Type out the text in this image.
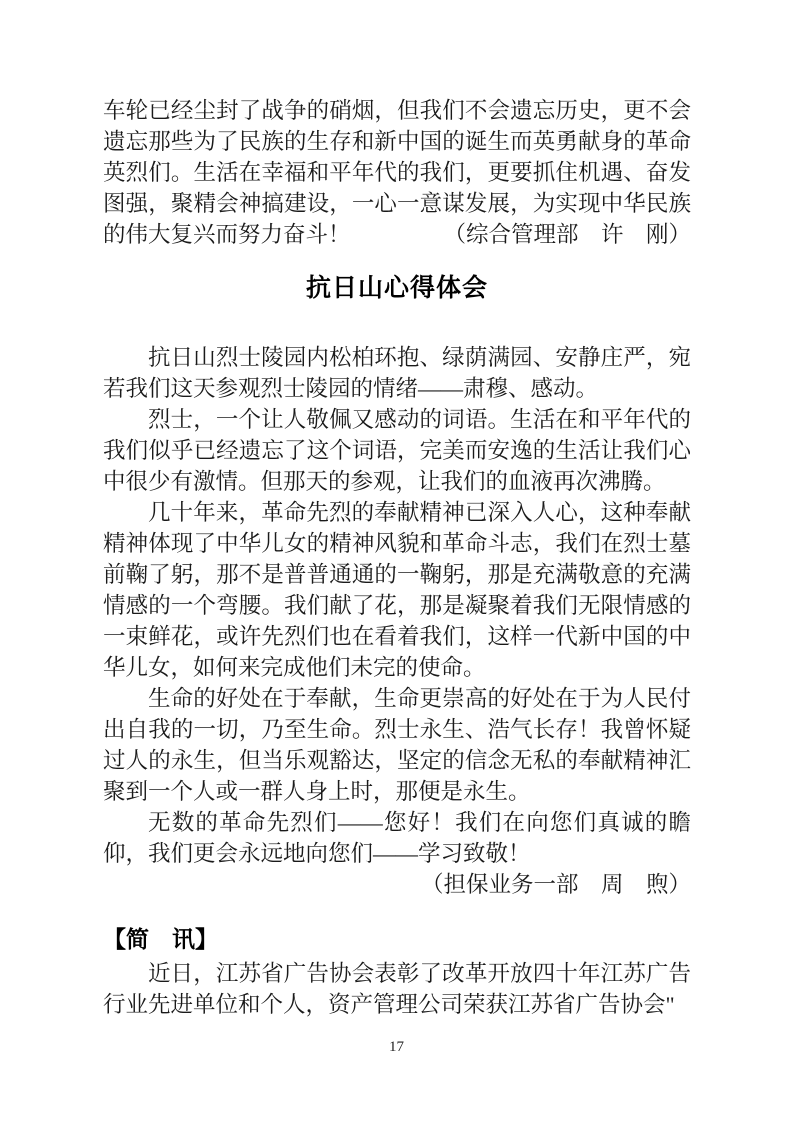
车轮已经尘封了战争的硝烟，但我们不会遗忘历史，更不会遗忘那些为了民族的生存和新中国的诞生而英勇献身的革命英烈们。生活在幸福和平年代的我们，更要抓住机遇、奋发图强，聚精会神搞建设，一心一意谋发展，为实现中华民族的伟大复兴而努力奋斗！	（综合管理部　许　刚）
抗日山心得体会

抗日山烈士陵园内松柏环抱、绿荫满园、安静庄严，宛若我们这天参观烈士陵园的情绪——肃穆、感动。

烈士，一个让人敬佩又感动的词语。生活在和平年代的我们似乎已经遗忘了这个词语，完美而安逸的生活让我们心中很少有激情。但那天的参观，让我们的血液再次沸腾。

几十年来，革命先烈的奉献精神已深入人心，这种奉献精神体现了中华儿女的精神风貌和革命斗志，我们在烈士墓前鞠了躬，那不是普普通通的一鞠躬，那是充满敬意的充满情感的一个弯腰。我们献了花，那是凝聚着我们无限情感的一束鲜花，或许先烈们也在看着我们，这样一代新中国的中华儿女，如何来完成他们未完的使命。

生命的好处在于奉献，生命更崇高的好处在于为人民付出自我的一切，乃至生命。烈士永生、浩气长存！我曾怀疑过人的永生，但当乐观豁达，坚定的信念无私的奉献精神汇聚到一个人或一群人身上时，那便是永生。

无数的革命先烈们——您好！我们在向您们真诚的瞻仰，我们更会永远地向您们——学习致敬！

（担保业务一部　周　煦）

【简　讯】

近日，江苏省广告协会表彰了改革开放四十年江苏广告行业先进单位和个人，资产管理公司荣获江苏省广告协会"

17
